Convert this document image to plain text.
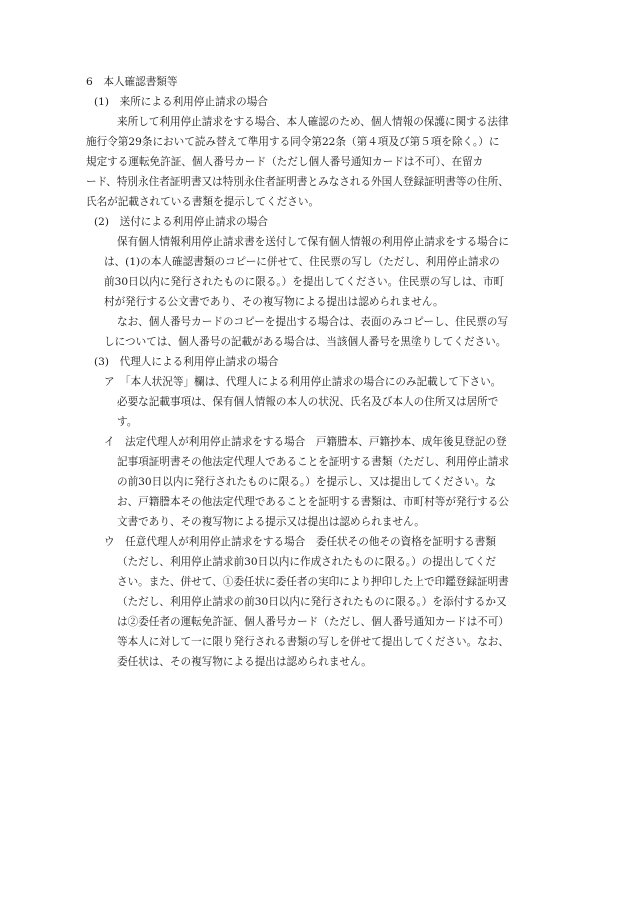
6　本人確認書類等
(1)　来所による利用停止請求の場合
来所して利用停止請求をする場合、本人確認のため、個人情報の保護に関する法律
施行令第29条において読み替えて準用する同令第22条（第４項及び第５項を除く。）に
規定する運転免許証、個人番号カード（ただし個人番号通知カードは不可）、在留カ
ード、特別永住者証明書又は特別永住者証明書とみなされる外国人登録証明書等の住所、
氏名が記載されている書類を提示してください。
(2)　送付による利用停止請求の場合
保有個人情報利用停止請求書を送付して保有個人情報の利用停止請求をする場合に
は、(1)の本人確認書類のコピーに併せて、住民票の写し（ただし、利用停止請求の
前30日以内に発行されたものに限る。）を提出してください。住民票の写しは、市町
村が発行する公文書であり、その複写物による提出は認められません。
なお、個人番号カードのコピーを提出する場合は、表面のみコピーし、住民票の写
しについては、個人番号の記載がある場合は、当該個人番号を黒塗りしてください。
(3)　代理人による利用停止請求の場合
ア　「本人状況等」欄は、代理人による利用停止請求の場合にのみ記載して下さい。
必要な記載事項は、保有個人情報の本人の状況、氏名及び本人の住所又は居所で
す。
イ　法定代理人が利用停止請求をする場合　戸籍謄本、戸籍抄本、成年後見登記の登
記事項証明書その他法定代理人であることを証明する書類（ただし、利用停止請求
の前30日以内に発行されたものに限る。）を提示し、又は提出してください。な
お、戸籍謄本その他法定代理であることを証明する書類は、市町村等が発行する公
文書であり、その複写物による提示又は提出は認められません。
ウ　任意代理人が利用停止請求をする場合　委任状その他その資格を証明する書類
（ただし、利用停止請求前30日以内に作成されたものに限る。）の提出してくだ
さい。また、併せて、①委任状に委任者の実印により押印した上で印鑑登録証明書
（ただし、利用停止請求の前30日以内に発行されたものに限る。）を添付するか又
は②委任者の運転免許証、個人番号カード（ただし、個人番号通知カードは不可）
等本人に対して一に限り発行される書類の写しを併せて提出してください。なお、
委任状は、その複写物による提出は認められません。
